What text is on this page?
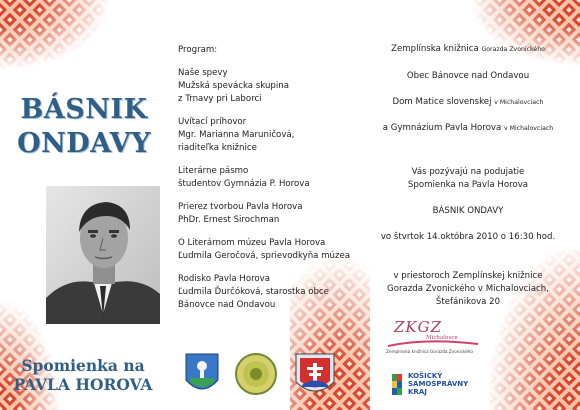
BÁSNIK
ONDAVY
Spomienka na
PAVLA HOROVA
Program:
Naše spevy
Mužská spevácka skupina
z Trnavy pri Laborci
Uvítací príhovor
Mgr. Marianna Maruničová,
riaditeľka knižnice
Literárne pásmo
študentov Gymnázia P. Horova
Prierez tvorbou Pavla Horova
PhDr. Ernest Sirochman
O Literárnom múzeu Pavla Horova
Ľudmila Geročová, sprievodkyňa múzea
Rodisko Pavla Horova
Ľudmila Ďurčóková, starostka obce
Bánovce nad Ondavou
Zemplínska knižnica Gorazda Zvonického
Obec Bánovce nad Ondavou
Dom Matice slovenskej v Michalovciach
a Gymnázium Pavla Horova v Michalovciach
Vás pozývajú na podujatie
Spomienka na Pavla Horova
BÁSNIK ONDAVY
vo štvrtok 14.októbra 2010 o 16:30 hod.
v priestoroch Zemplínskej knižnice
Gorazda Zvonického v Michalovciach,
Štefánikova 20
ZKGZ
Michalovce
Zemplínska knižnica Gorazda Zvonického
KOŠICKÝ
SAMOSPRÁVNY
KRAJ
